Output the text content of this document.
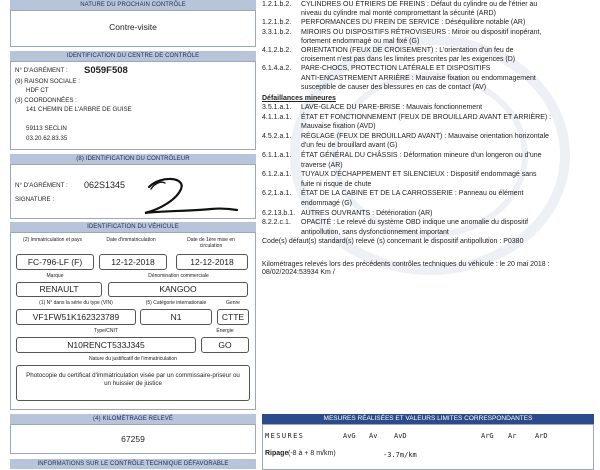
NATURE DU PROCHAIN CONTRÔLE
Contre-visite
IDENTIFICATION DU CENTRE DE CONTRÔLE
N° D'AGRÉMENT : S059F508
(9) RAISON SOCIALE :
HDF CT
(3) COORDONNÉES :
141 CHEMIN DE L'ARBRE DE GUISE
59113 SECLIN
03.20.62.83.35
(8) IDENTIFICATION DU CONTRÔLEUR
N° D'AGRÉMENT : 062S1345
SIGNATURE :
IDENTIFICATION DU VÉHICULE
(2) Immatriculation et pays	Date d'immatriculation	Date de 1ère mise en circulation
FC-796-LF (F)	12-12-2018	12-12-2018
Marque	Dénomination commerciale
RENAULT	KANGOO
(1) N° dans la série du type (VIN)	(5) Catégorie internationale	Genre
VF1FW51K162323789	N1	CTTE
Type/CNIT	Énergie
N10RENCT533J345	GO
Nature du justificatif de l'immatriculation
Photocopie du certificat d'immatriculation visée par un commissaire-priseur ou un huissier de justice
(4) KILOMÉTRAGE RELEVÉ
67259
INFORMATIONS SUR LE CONTRÔLE TECHNIQUE DÉFAVORABLE
1.2.1.b.2. CYLINDRES OU ÉTRIERS DE FREINS : Défaut du cylindre ou de l'étrier au
niveau du cylindre mal monté compromettant la sécurité (ARD)
1.2.1.b.2. PERFORMANCES DU FREIN DE SERVICE : Déséquilibre notable (AR)
3.3.1.b.2. MIROIRS OU DISPOSITIFS RÉTROVISEURS : Miroir ou dispositif inopérant,
fortement endommagé ou mal fixé (G)
4.1.2.b.2. ORIENTATION (FEUX DE CROISEMENT) : L'orientation d'un feu de
croisement n'est pas dans les limites prescrites par les exigences (D)
6.1.4.a.2. PARE-CHOCS, PROTECTION LATÉRALE ET DISPOSITIFS
ANTI-ENCASTREMENT ARRIÈRE : Mauvaise fixation ou endommagement
susceptible de causer des blessures en cas de contact (AV)
Défaillances mineures
3.5.1.a.1. LAVE-GLACE DU PARE-BRISE : Mauvais fonctionnement
4.1.1.a.1. ÉTAT ET FONCTIONNEMENT (FEUX DE BROUILLARD AVANT ET ARRIÈRE) :
Mauvaise fixation (AVD)
4.5.2.a.1. RÉGLAGE (FEUX DE BROUILLARD AVANT) : Mauvaise orientation horizontale
d'un feu de brouillard avant (G)
6.1.1.a.1. ÉTAT GÉNÉRAL DU CHÂSSIS : Déformation mineure d'un longeron ou d'une
traverse (AR)
6.1.2.a.1. TUYAUX D'ÉCHAPPEMENT ET SILENCIEUX : Dispositif endommagé sans
fuite ni risque de chute
6.2.1.a.1. ÉTAT DE LA CABINE ET DE LA CARROSSERIE : Panneau ou élément
endommagé (G)
6.2.13.b.1. AUTRES OUVRANTS : Détérioration (AR)
8.2.2.c.1. OPACITÉ : Le relevé du système OBD indique une anomalie du dispositif
antipollution, sans dysfonctionnement important
Code(s) défaut(s) standard(s) relevé (s) concernant le dispositif antipollution : P0380
Kilométrages relevés lors des précédents contrôles techniques du véhicule : le 20 mai 2018 :
08/02/2024:53934 Km /
MESURES RÉALISÉES ET VALEURS LIMITES CORRESPONDANTES
MESURES	AvG Av AvD	ArG Ar	ArD
Ripage (-8 à + 8 m/km)	-3.7m/km
